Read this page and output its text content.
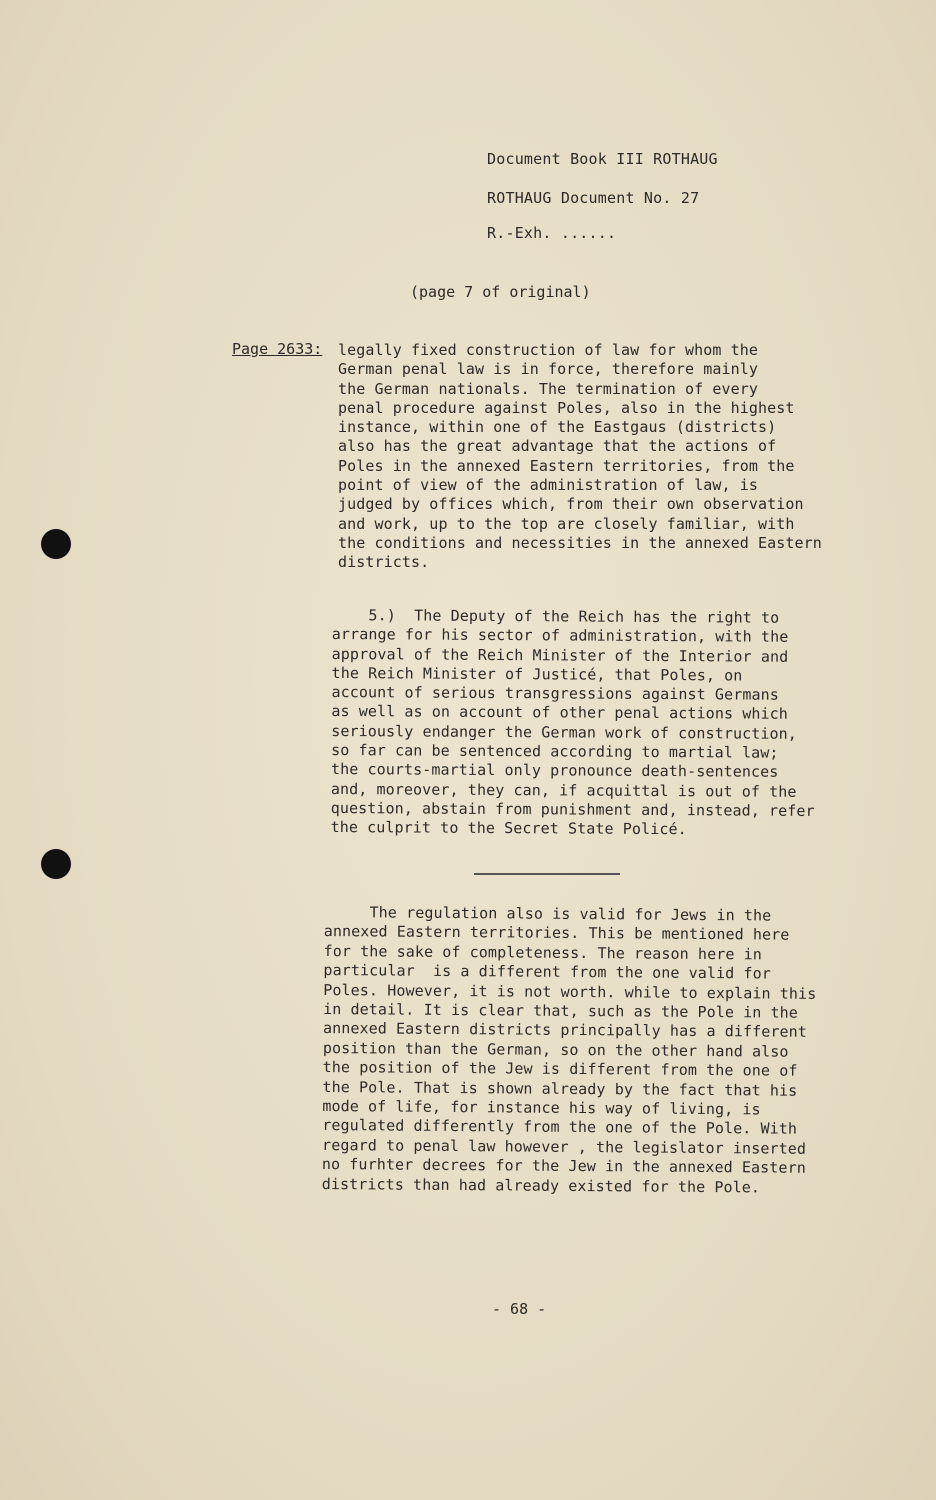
Document Book III ROTHAUG
ROTHAUG Document No. 27
R.-Exh. ......
(page 7 of original)
Page 2633: legally fixed construction of law for whom the
German penal law is in force, therefore mainly
the German nationals. The termination of every
penal procedure against Poles, also in the highest
instance, within one of the Eastgaus (districts)
also has the great advantage that the actions of
Poles in the annexed Eastern territories, from the
point of view of the administration of law, is
judged by offices which, from their own observation
and work, up to the top are closely familiar, with
the conditions and necessities in the annexed Eastern
districts.
5.)  The Deputy of the Reich has the right to
arrange for his sector of administration, with the
approval of the Reich Minister of the Interior and
the Reich Minister of Justicé, that Poles, on
account of serious transgressions against Germans
as well as on account of other penal actions which
seriously endanger the German work of construction,
so far can be sentenced according to martial law;
the courts-martial only pronounce death-sentences
and, moreover, they can, if acquittal is out of the
question, abstain from punishment and, instead, refer
the culprit to the Secret State Policé.
The regulation also is valid for Jews in the
annexed Eastern territories. This be mentioned here
for the sake of completeness. The reason here in
particular  is a different from the one valid for
Poles. However, it is not worth. while to explain this
in detail. It is clear that, such as the Pole in the
annexed Eastern districts principally has a different
position than the German, so on the other hand also
the position of the Jew is different from the one of
the Pole. That is shown already by the fact that his
mode of life, for instance his way of living, is
regulated differently from the one of the Pole. With
regard to penal law however , the legislator inserted
no furhter decrees for the Jew in the annexed Eastern
districts than had already existed for the Pole.
- 68 -
